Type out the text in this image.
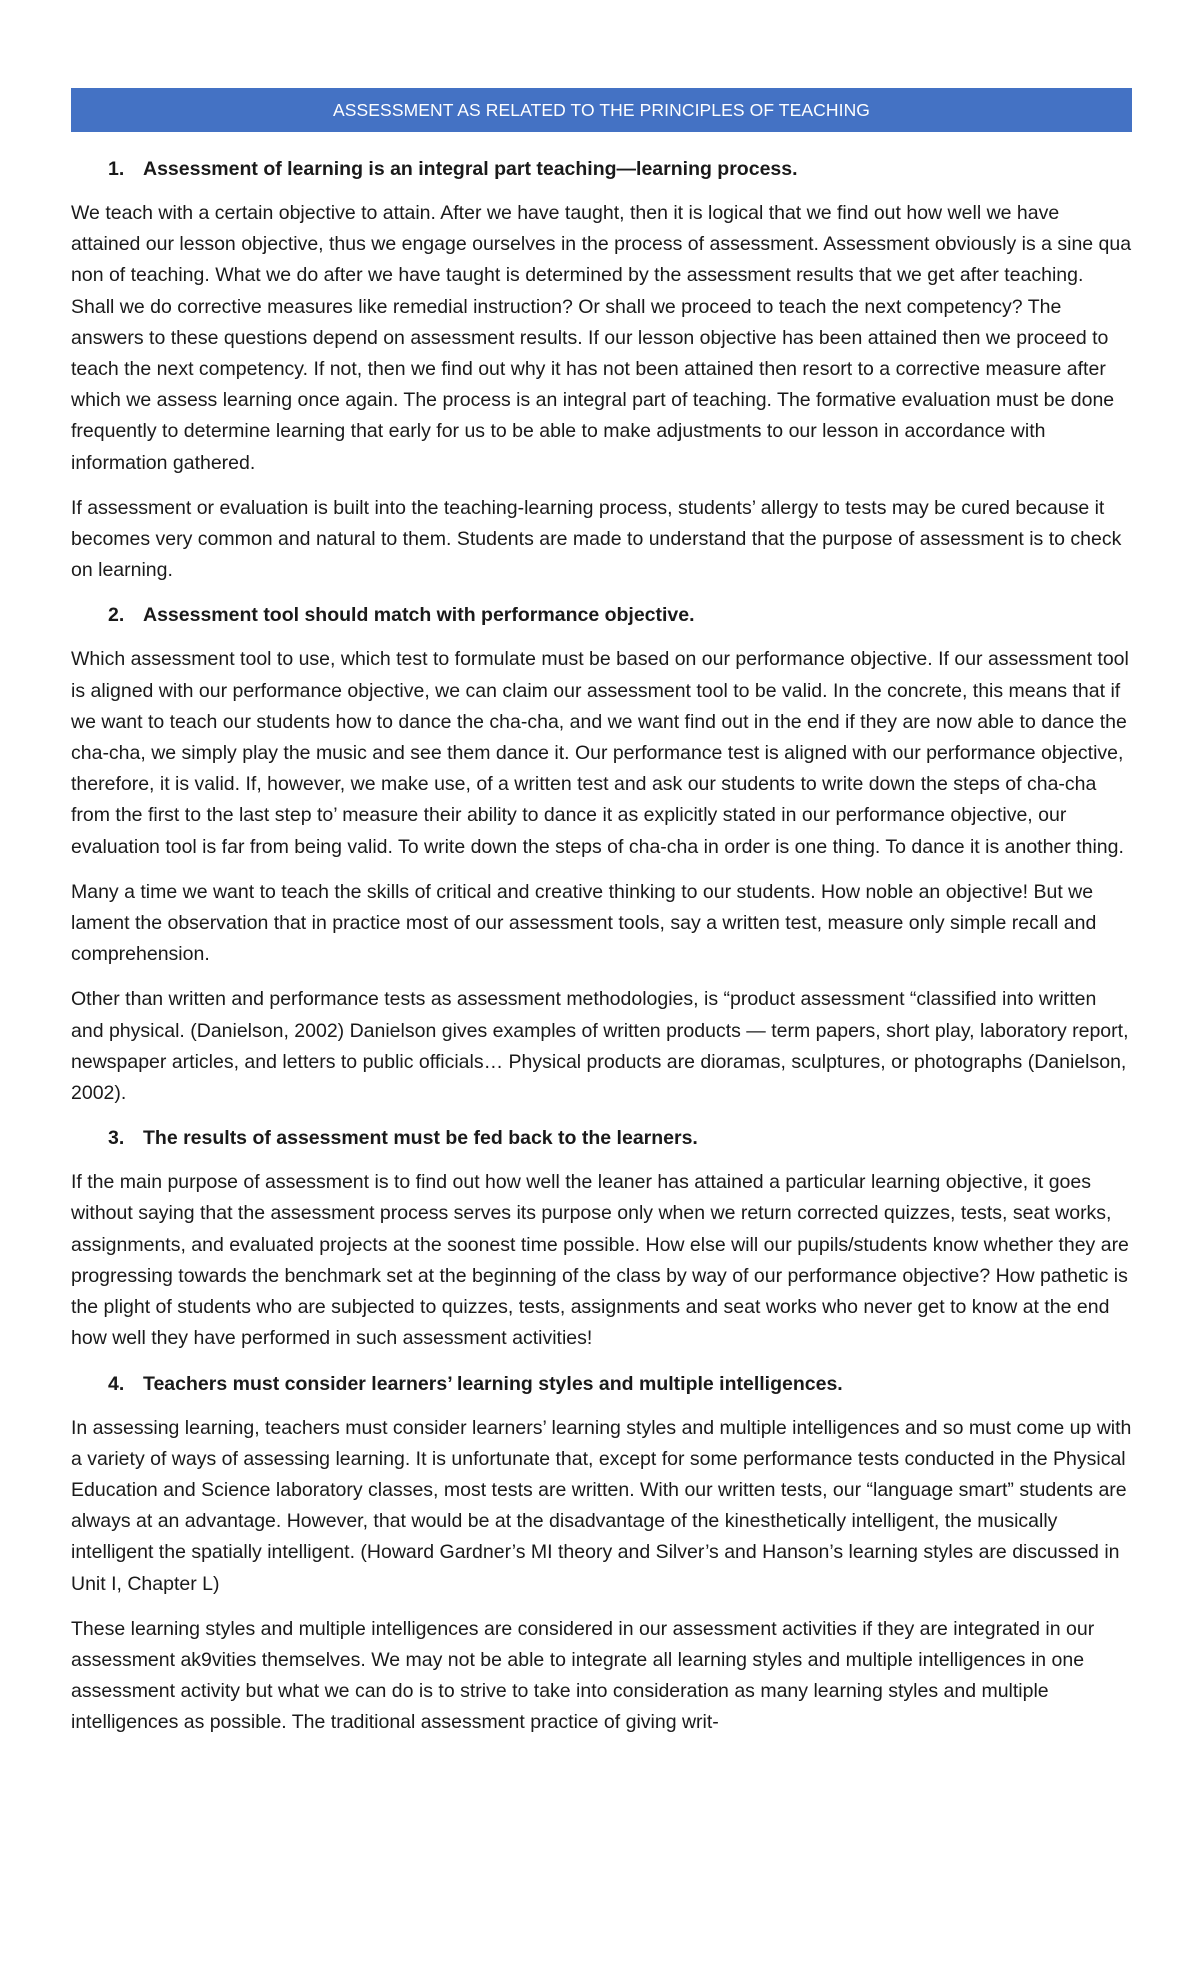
ASSESSMENT AS RELATED TO THE PRINCIPLES OF TEACHING
1. Assessment of learning is an integral part teaching—learning process.

We teach with a certain objective to attain. After we have taught, then it is logical that we find out how well we have attained our lesson objective, thus we engage ourselves in the process of assessment. Assessment obviously is a sine qua non of teaching. What we do after we have taught is determined by the assessment results that we get after teaching. Shall we do corrective measures like remedial instruction? Or shall we proceed to teach the next competency? The answers to these questions depend on assessment results. If our lesson objective has been attained then we proceed to teach the next competency. If not, then we find out why it has not been attained then resort to a corrective measure after which we assess learning once again. The process is an integral part of teaching. The formative evaluation must be done frequently to determine learning that early for us to be able to make adjustments to our lesson in accordance with information gathered.

If assessment or evaluation is built into the teaching-learning process, students’ allergy to tests may be cured because it becomes very common and natural to them. Students are made to understand that the purpose of assessment is to check on learning.

2. Assessment tool should match with performance objective.

Which assessment tool to use, which test to formulate must be based on our performance objective. If our assessment tool is aligned with our performance objective, we can claim our assessment tool to be valid. In the concrete, this means that if we want to teach our students how to dance the cha-cha, and we want find out in the end if they are now able to dance the cha-cha, we simply play the music and see them dance it. Our performance test is aligned with our performance objective, therefore, it is valid. If, however, we make use, of a written test and ask our students to write down the steps of cha-cha from the first to the last step to’ measure their ability to dance it as explicitly stated in our performance objective, our evaluation tool is far from being valid. To write down the steps of cha-cha in order is one thing. To dance it is another thing.

Many a time we want to teach the skills of critical and creative thinking to our students. How noble an objective! But we lament the observation that in practice most of our assessment tools, say a written test, measure only simple recall and comprehension.

Other than written and performance tests as assessment methodologies, is “product assessment “classified into written and physical. (Danielson, 2002) Danielson gives examples of written products — term papers, short play, laboratory report, newspaper articles, and letters to public officials… Physical products are dioramas, sculptures, or photographs (Danielson, 2002).

3. The results of assessment must be fed back to the learners.

If the main purpose of assessment is to find out how well the leaner has attained a particular learning objective, it goes without saying that the assessment process serves its purpose only when we return corrected quizzes, tests, seat works, assignments, and evaluated projects at the soonest time possible. How else will our pupils/students know whether they are progressing towards the benchmark set at the beginning of the class by way of our performance objective? How pathetic is the plight of students who are subjected to quizzes, tests, assignments and seat works who never get to know at the end how well they have performed in such assessment activities!

4. Teachers must consider learners’ learning styles and multiple intelligences.

In assessing learning, teachers must consider learners’ learning styles and multiple intelligences and so must come up with a variety of ways of assessing learning. It is unfortunate that, except for some performance tests conducted in the Physical Education and Science laboratory classes, most tests are written. With our written tests, our “language smart” students are always at an advantage. However, that would be at the disadvantage of the kinesthetically intelligent, the musically intelligent the spatially intelligent. (Howard Gardner’s MI theory and Silver’s and Hanson’s learning styles are discussed in Unit I, Chapter L)

These learning styles and multiple intelligences are considered in our assessment activities if they are integrated in our assessment ak9vities themselves. We may not be able to integrate all learning styles and multiple intelligences in one assessment activity but what we can do is to strive to take into consideration as many learning styles and multiple intelligences as possible. The traditional assessment practice of giving writ-
